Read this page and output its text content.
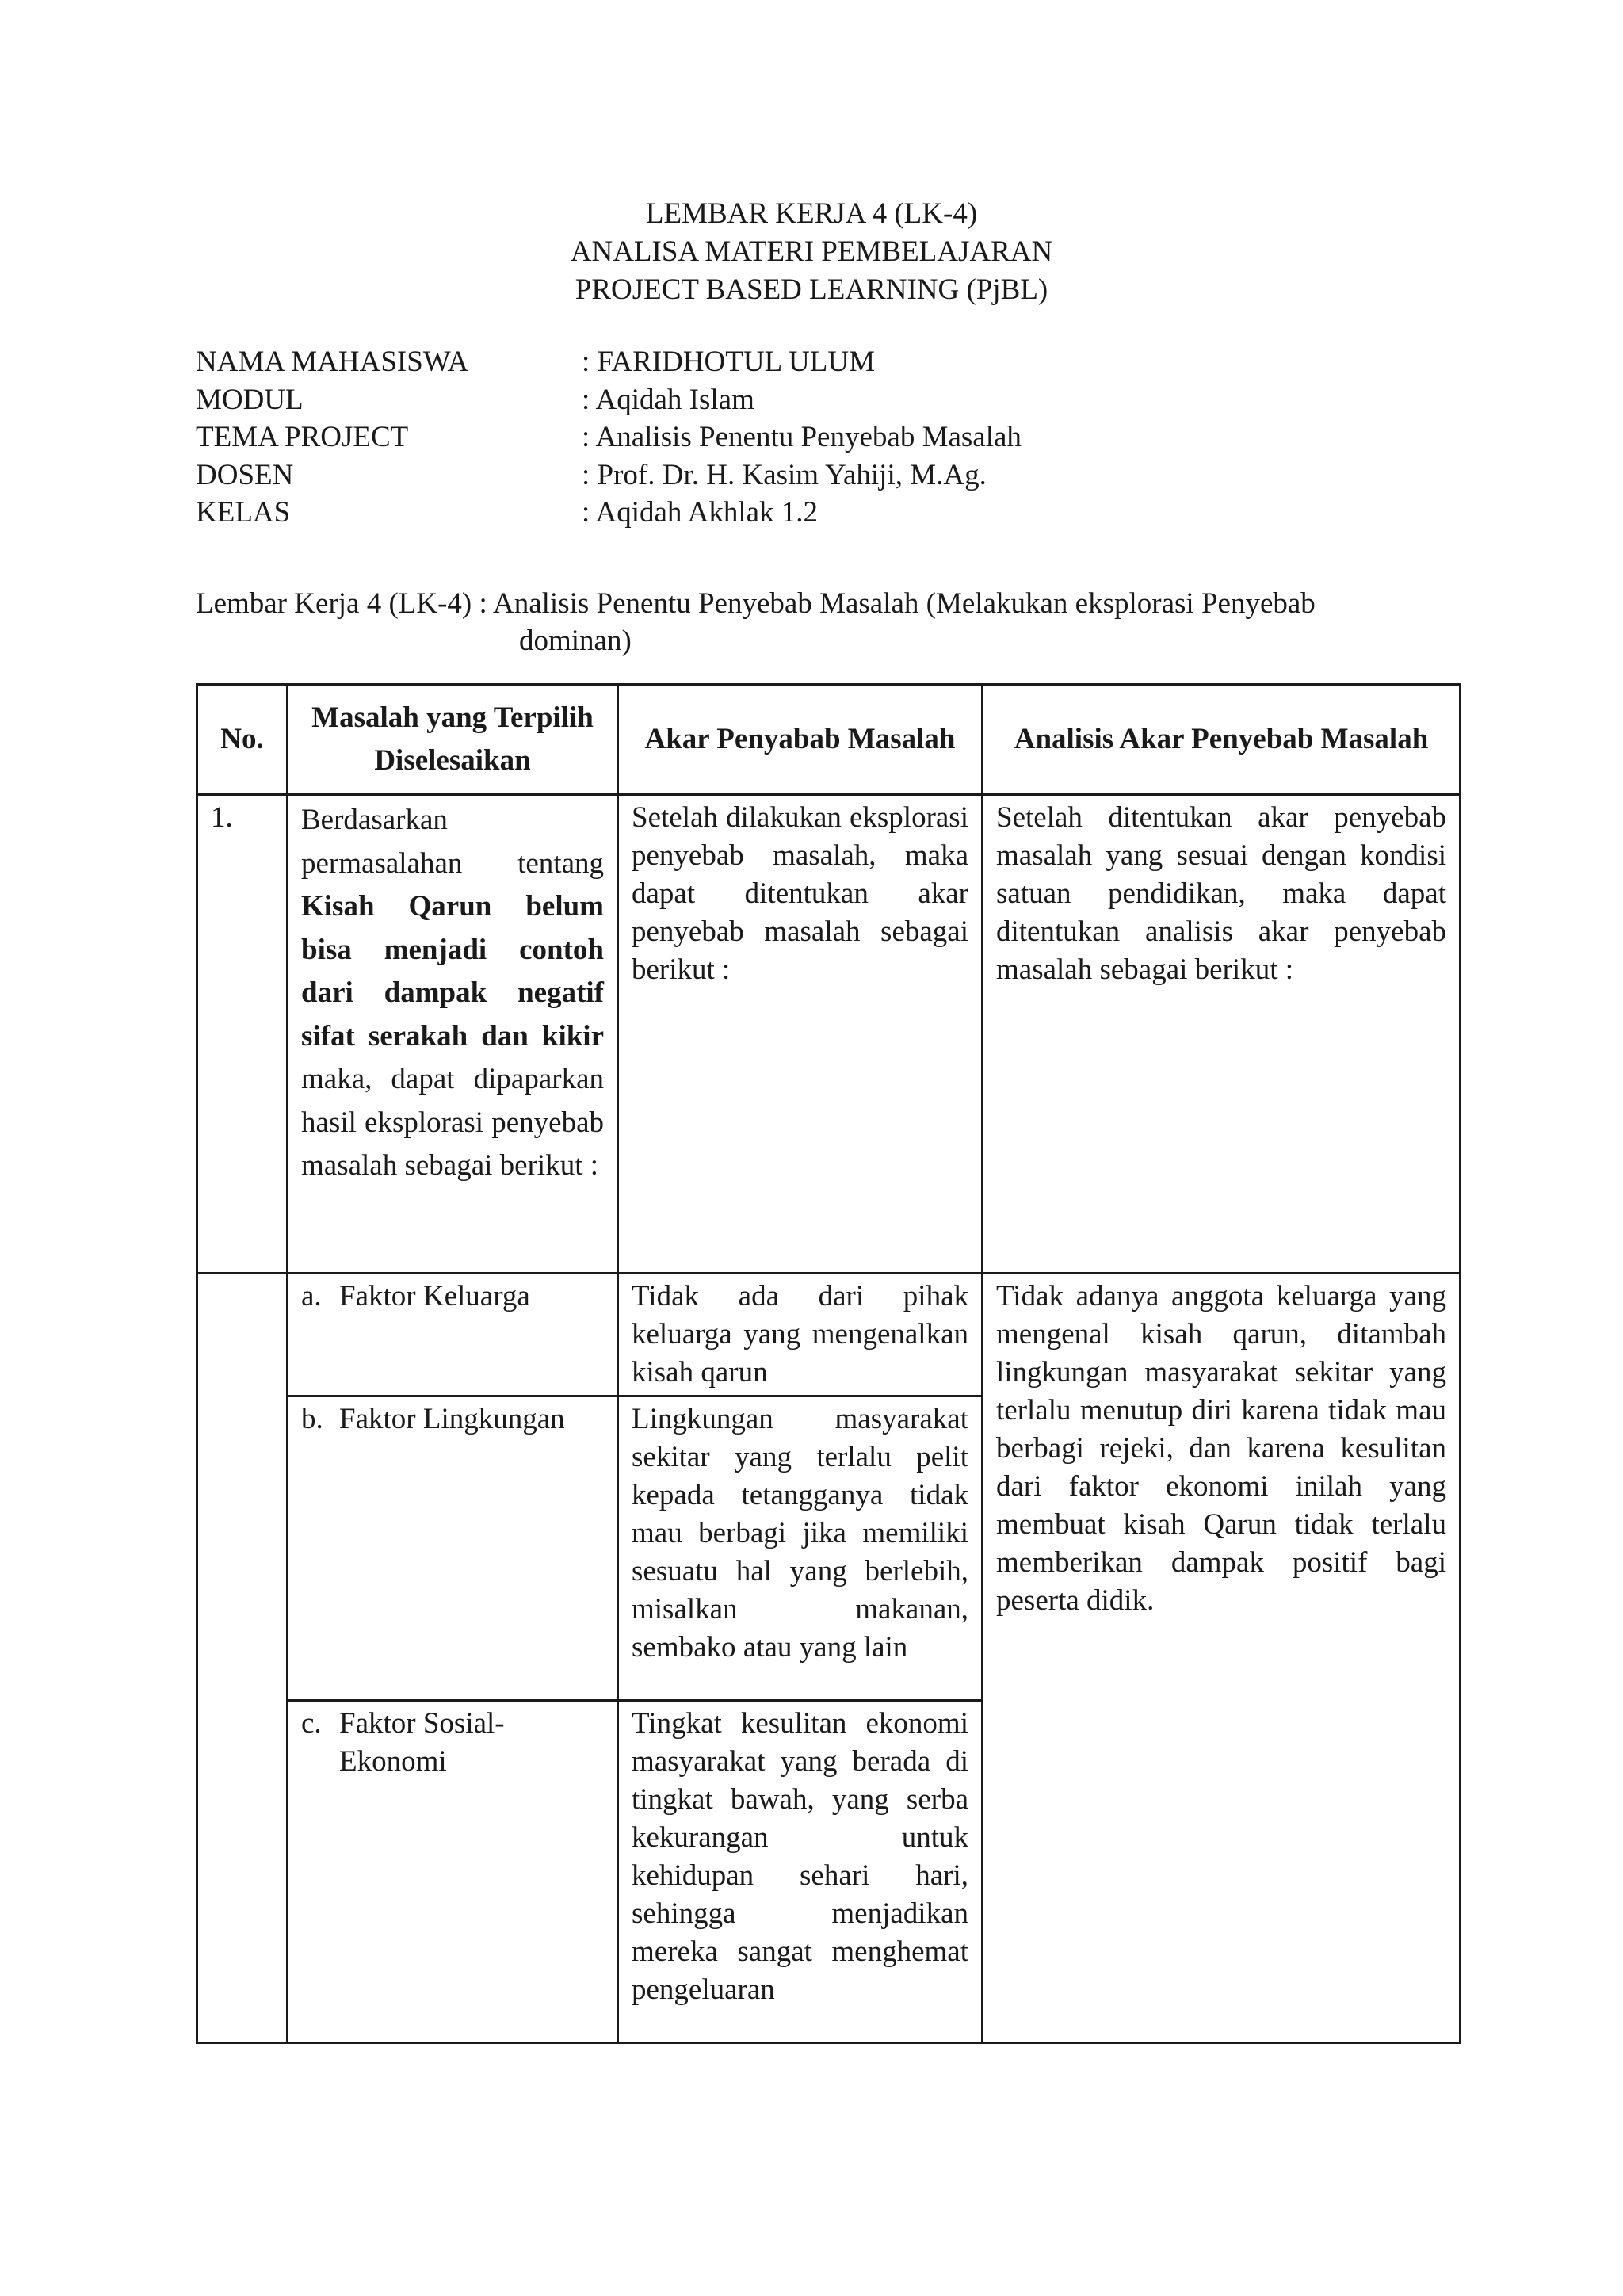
LEMBAR KERJA 4 (LK-4)
ANALISA MATERI PEMBELAJARAN
PROJECT BASED LEARNING (PjBL)
NAMA MAHASISWA	: FARIDHOTUL ULUM
MODUL	: Aqidah Islam
TEMA PROJECT	: Analisis Penentu Penyebab Masalah
DOSEN	: Prof. Dr. H. Kasim Yahiji, M.Ag.
KELAS	: Aqidah Akhlak 1.2
Lembar Kerja 4 (LK-4) : Analisis Penentu Penyebab Masalah (Melakukan eksplorasi Penyebab
dominan)
No.	Masalah yang Terpilih Diselesaikan	Akar Penyabab Masalah	Analisis Akar Penyebab Masalah
1.	Berdasarkan permasalahan tentang Kisah Qarun belum bisa menjadi contoh dari dampak negatif sifat serakah dan kikir maka, dapat dipaparkan hasil eksplorasi penyebab masalah sebagai berikut :	Setelah dilakukan eksplorasi penyebab masalah, maka dapat ditentukan akar penyebab masalah sebagai berikut :	Setelah ditentukan akar penyebab masalah yang sesuai dengan kondisi satuan pendidikan, maka dapat ditentukan analisis akar penyebab masalah sebagai berikut :

	a. Faktor Keluarga	Tidak ada dari pihak keluarga yang mengenalkan kisah qarun	Tidak adanya anggota keluarga yang mengenal kisah qarun, ditambah lingkungan masyarakat sekitar yang terlalu menutup diri karena tidak mau berbagi rejeki, dan karena kesulitan dari faktor ekonomi inilah yang membuat kisah Qarun tidak terlalu memberikan dampak positif bagi peserta didik.

	b. Faktor Lingkungan	Lingkungan masyarakat sekitar yang terlalu pelit kepada tetangganya tidak mau berbagi jika memiliki sesuatu hal yang berlebih, misalkan makanan, sembako atau yang lain	

	c. Faktor Sosial-Ekonomi	Tingkat kesulitan ekonomi masyarakat yang berada di tingkat bawah, yang serba kekurangan untuk kehidupan sehari hari, sehingga menjadikan mereka sangat menghemat pengeluaran	
